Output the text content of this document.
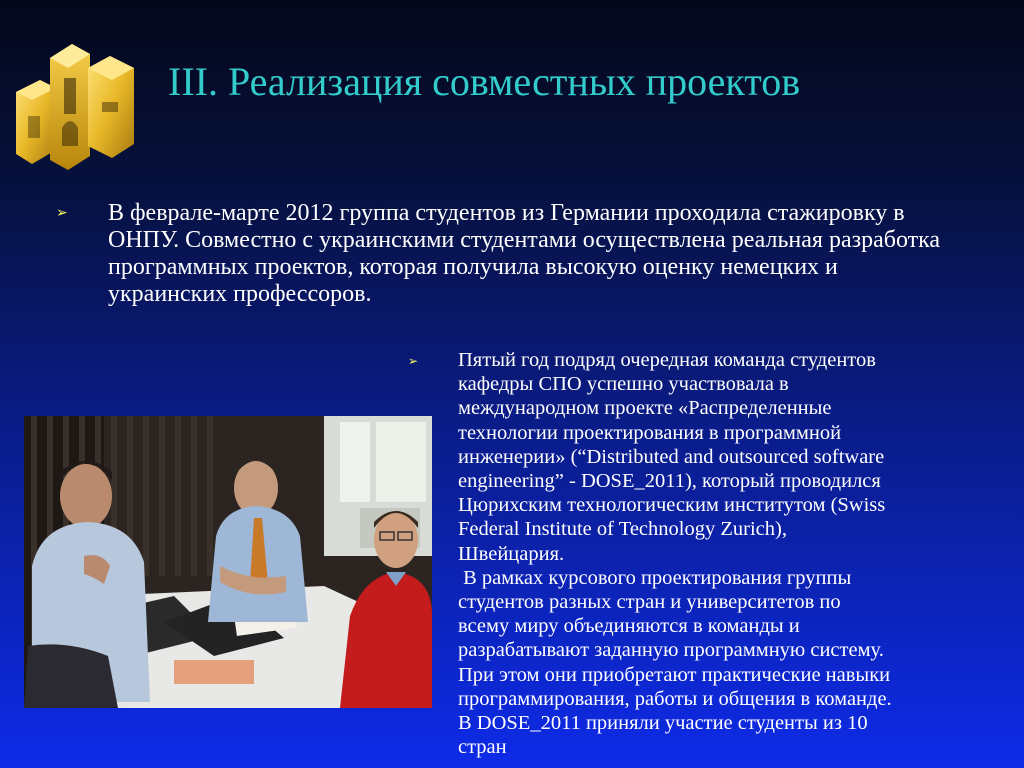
III. Реализация совместных проектов
➢ В феврале-марте 2012 группа студентов из Германии проходила стажировку в ОНПУ. Совместно с украинскими студентами осуществлена реальная разработка программных проектов, которая получила высокую оценку немецких и украинских профессоров.
➢ Пятый год подряд очередная команда студентов
кафедры СПО успешно участвовала в
международном проекте «Распределенные
технологии проектирования в программной
инженерии» (“Distributed and outsourced software
engineering” - DOSE_2011), который проводился
Цюрихским технологическим институтом (Swiss
Federal Institute of Technology Zurich),
Швейцария.
В рамках курсового проектирования группы
студентов разных стран и университетов по
всему миру объединяются в команды и
разрабатывают заданную программную систему.
При этом они приобретают практические навыки
программирования, работы и общения в команде.
В DOSE_2011 приняли участие студенты из 10
стран
